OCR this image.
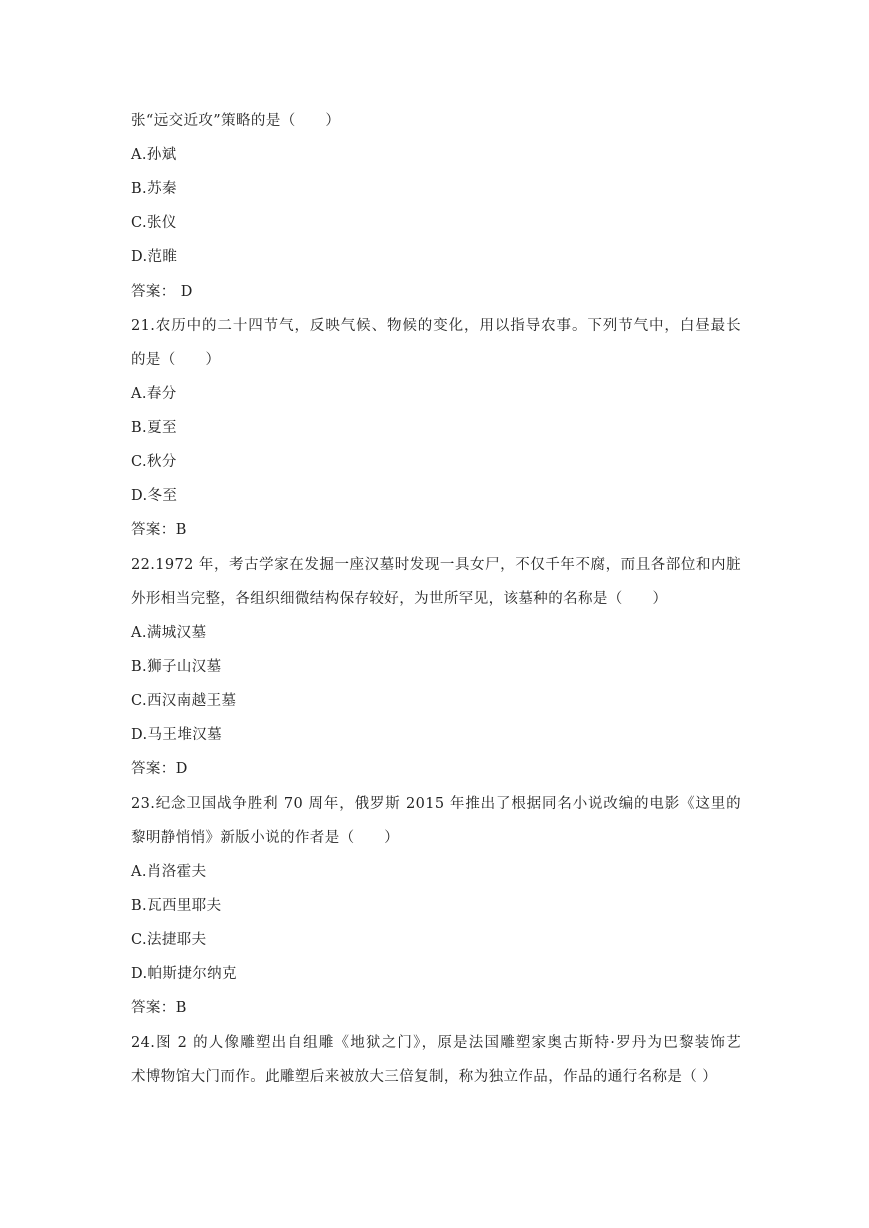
张“远交近攻”策略的是（　　）
A.孙斌
B.苏秦
C.张仪
D.范睢
答案： D
21.农历中的二十四节气，反映气候、物候的变化，用以指导农事。下列节气中，白昼最长
的是（　　）
A.春分
B.夏至
C.秋分
D.冬至
答案：B
22.1972 年，考古学家在发掘一座汉墓时发现一具女尸，不仅千年不腐，而且各部位和内脏
外形相当完整，各组织细微结构保存较好，为世所罕见，该墓种的名称是（　　）
A.满城汉墓
B.狮子山汉墓
C.西汉南越王墓
D.马王堆汉墓
答案：D
23.纪念卫国战争胜利 70 周年，俄罗斯 2015 年推出了根据同名小说改编的电影《这里的
黎明静悄悄》新版小说的作者是（　　）
A.肖洛霍夫
B.瓦西里耶夫
C.法捷耶夫
D.帕斯捷尔纳克
答案：B
24.图 2 的人像雕塑出自组雕《地狱之门》，原是法国雕塑家奥古斯特·罗丹为巴黎装饰艺
术博物馆大门而作。此雕塑后来被放大三倍复制，称为独立作品，作品的通行名称是（ ）
